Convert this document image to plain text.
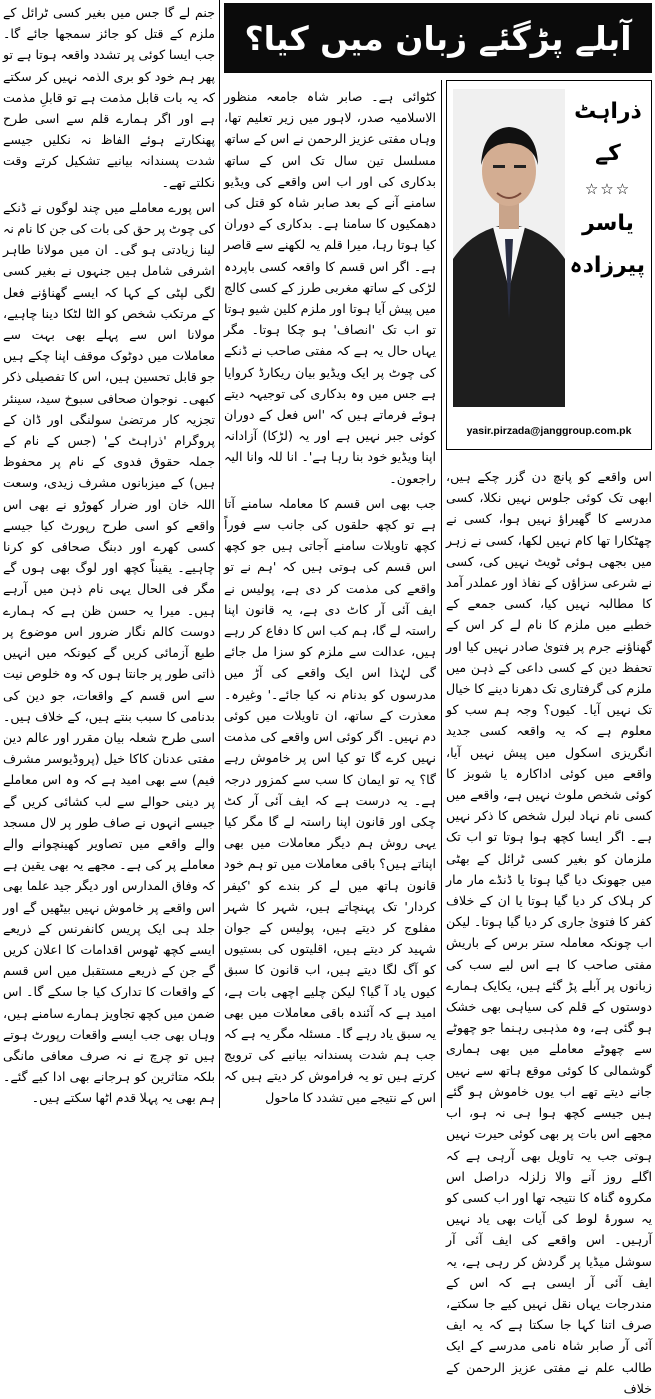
آبلے پڑگئے زبان میں کیا؟
ذراہٹ کے
☆☆☆
یاسر پیرزادہ
yasir.pirzada@janggroup.com.pk

اس واقعے کو پانچ دن گزر چکے ہیں، ابھی تک کوئی جلوس نہیں نکلا، کسی مدرسے کا گھیراؤ نہیں ہوا، کسی نے چھٹکارا تھا کام نہیں لکھا، کسی نے زہر میں بجھی ہوئی ٹویٹ نہیں کی، کسی نے شرعی سزاؤں کے نفاذ اور عملدر آمد کا مطالبہ نہیں کیا، کسی جمعے کے خطبے میں ملزم کا نام لے کر اس کے گھناؤنے جرم پر فتویٰ صادر نہیں کیا اور تحفظ دین کے کسی داعی کے ذہن میں ملزم کی گرفتاری تک دھرنا دینے کا خیال تک نہیں آیا۔ کیوں؟ وجہ ہم سب کو معلوم ہے کہ یہ واقعہ کسی جدید انگریزی اسکول میں پیش نہیں آیا، واقعے میں کوئی اداکارہ یا شوبز کا کوئی شخص ملوث نہیں ہے، واقعے میں کسی نام نہاد لبرل شخص کا ذکر نہیں ہے۔ اگر ایسا کچھ ہوا ہوتا تو اب تک ملزمان کو بغیر کسی ٹرائل کے بھٹی میں جھونک دیا گیا ہوتا یا ڈنڈے مار مار کر ہلاک کر دیا گیا ہوتا یا ان کے خلاف کفر کا فتویٰ جاری کر دیا گیا ہوتا۔ لیکن اب چونکہ معاملہ ستر برس کے باریش مفتی صاحب کا ہے اس لیے سب کی زبانوں پر آبلے پڑ گئے ہیں، یکایک ہمارے دوستوں کے قلم کی سیاہی بھی خشک ہو گئی ہے، وہ مذہبی رہنما جو چھوٹے سے چھوٹے معاملے میں بھی ہماری گوشمالی کا کوئی موقع ہاتھ سے نہیں جانے دیتے تھے اب یوں خاموش ہو گئے ہیں جیسے کچھ ہوا ہی نہ ہو، اب مجھے اس بات پر بھی کوئی حیرت نہیں ہوتی جب یہ تاویل بھی آرہی ہے کہ اگلے روز آنے والا زلزلہ دراصل اس مکروہ گناہ کا نتیجہ تھا اور اب کسی کو یہ سورۂ لوط کی آیات بھی یاد نہیں آرہیں۔ اس واقعے کی ایف آئی آر سوشل میڈیا پر گردش کر رہی ہے، یہ ایف آئی آر ایسی ہے کہ اس کے مندرجات یہاں نقل نہیں کیے جا سکتے، صرف اتنا کہا جا سکتا ہے کہ یہ ایف آئی آر صابر شاہ نامی مدرسے کے ایک طالب علم نے مفتی عزیز الرحمن کے خلاف

کٹوائی ہے۔ صابر شاہ جامعہ منظور الاسلامیہ صدر، لاہور میں زیر تعلیم تھا، وہاں مفتی عزیز الرحمن نے اس کے ساتھ مسلسل تین سال تک اس کے ساتھ بدکاری کی اور اب اس واقعے کی ویڈیو سامنے آنے کے بعد صابر شاہ کو قتل کی دھمکیوں کا سامنا ہے۔ بدکاری کے دوران کیا ہوتا رہا، میرا قلم یہ لکھنے سے قاصر ہے۔ اگر اس قسم کا واقعہ کسی باپردہ لڑکی کے ساتھ مغربی طرز کے کسی کالج میں پیش آیا ہوتا اور ملزم کلین شیو ہوتا تو اب تک 'انصاف' ہو چکا ہوتا۔ مگر یہاں حال یہ ہے کہ مفتی صاحب نے ڈنکے کی چوٹ پر ایک ویڈیو بیان ریکارڈ کروایا ہے جس میں وہ بدکاری کی توجیہہ دیتے ہوئے فرماتے ہیں کہ 'اس فعل کے دوران کوئی جبر نہیں ہے اور یہ (لڑکا) آزادانہ اپنا ویڈیو خود بنا رہا ہے'۔ انا للہ وانا الیہ راجعون۔

جب بھی اس قسم کا معاملہ سامنے آتا ہے تو کچھ حلقوں کی جانب سے فوراً کچھ تاویلات سامنے آجاتی ہیں جو کچھ اس قسم کی ہوتی ہیں کہ 'ہم نے تو واقعے کی مذمت کر دی ہے، پولیس نے ایف آئی آر کاٹ دی ہے، یہ قانون اپنا راستہ لے گا، ہم کب اس کا دفاع کر رہے ہیں، عدالت سے ملزم کو سزا مل جائے گی لہٰذا اس ایک واقعے کی آڑ میں مدرسوں کو بدنام نہ کیا جائے۔' وغیرہ۔ معذرت کے ساتھ، ان تاویلات میں کوئی دم نہیں۔ اگر کوئی اس واقعے کی مذمت نہیں کرے گا تو کیا اس پر خاموش رہے گا؟ یہ تو ایمان کا سب سے کمزور درجہ ہے۔ یہ درست ہے کہ ایف آئی آر کٹ چکی اور قانون اپنا راستہ لے گا مگر کیا یہی روش ہم دیگر معاملات میں بھی اپناتے ہیں؟ باقی معاملات میں تو ہم خود قانون ہاتھ میں لے کر بندے کو 'کیفر کردار' تک پہنچاتے ہیں، شہر کا شہر مفلوج کر دیتے ہیں، پولیس کے جوان شہید کر دیتے ہیں، اقلیتوں کی بستیوں کو آگ لگا دیتے ہیں، اب قانون کا سبق کیوں یاد آ گیا؟ لیکن چلیے اچھی بات ہے، امید ہے کہ آئندہ باقی معاملات میں بھی یہ سبق یاد رہے گا۔ مسئلہ مگر یہ ہے کہ جب ہم شدت پسندانہ بیانیے کی ترویج کرتے ہیں تو یہ فراموش کر دیتے ہیں کہ اس کے نتیجے میں تشدد کا ماحول

جنم لے گا جس میں بغیر کسی ٹرائل کے ملزم کے قتل کو جائز سمجھا جائے گا۔ جب ایسا کوئی پر تشدد واقعہ ہوتا ہے تو پھر ہم خود کو بری الذمہ نہیں کر سکتے کہ یہ بات قابل مذمت ہے تو قابلِ مذمت ہے اور اگر ہمارے قلم سے اسی طرح پھنکارتے ہوئے الفاظ نہ نکلیں جیسے شدت پسندانہ بیانیے تشکیل کرتے وقت نکلتے تھے۔

اس پورے معاملے میں چند لوگوں نے ڈنکے کی چوٹ پر حق کی بات کی جن کا نام نہ لینا زیادتی ہو گی۔ ان میں مولانا طاہر اشرفی شامل ہیں جنہوں نے بغیر کسی لگی لپٹی کے کہا کہ ایسے گھناؤنے فعل کے مرتکب شخص کو الٹا لٹکا دینا چاہیے، مولانا اس سے پہلے بھی بہت سے معاملات میں دوٹوک موقف اپنا چکے ہیں جو قابل تحسین ہیں، اس کا تفصیلی ذکر کبھی۔ نوجوان صحافی سبوخ سید، سینئر تجزیہ کار مرتضیٰ سولنگی اور ڈان کے پروگرام 'ذراہٹ کے' (جس کے نام کے جملہ حقوق فدوی کے نام پر محفوظ ہیں) کے میزبانوں مشرف زیدی، وسعت اللہ خان اور ضرار کھوڑو نے بھی اس واقعے کو اسی طرح رپورٹ کیا جیسے کسی کھرے اور دبنگ صحافی کو کرنا چاہیے۔ یقیناً کچھ اور لوگ بھی ہوں گے مگر فی الحال یہی نام ذہن میں آرہے ہیں۔ میرا یہ حسن ظن ہے کہ ہمارے دوست کالم نگار ضرور اس موضوع پر طبع آزمائی کریں گے کیونکہ میں انہیں ذاتی طور پر جانتا ہوں کہ وہ خلوص نیت سے اس قسم کے واقعات، جو دین کی بدنامی کا سبب بنتے ہیں، کے خلاف ہیں۔ اسی طرح شعلہ بیان مقرر اور عالم دین مفتی عدنان کاکا خیل (پروڈیوسر مشرف فیم) سے بھی امید ہے کہ وہ اس معاملے پر دینی حوالے سے لب کشائی کریں گے جیسے انہوں نے صاف طور پر لال مسجد والے واقعے میں تصاویر کھینچوانے والے معاملے پر کی ہے۔ مجھے یہ بھی یقین ہے کہ وفاق المدارس اور دیگر جید علما بھی اس واقعے پر خاموش نہیں بیٹھیں گے اور جلد ہی ایک پریس کانفرنس کے ذریعے ایسے کچھ ٹھوس اقدامات کا اعلان کریں گے جن کے ذریعے مستقبل میں اس قسم کے واقعات کا تدارک کیا جا سکے گا۔ اس ضمن میں کچھ تجاویز ہمارے سامنے ہیں، وہاں بھی جب ایسے واقعات رپورٹ ہوتے ہیں تو چرچ نے نہ صرف معافی مانگی بلکہ متاثرین کو ہرجانے بھی ادا کیے گئے۔ ہم بھی یہ پہلا قدم اٹھا سکتے ہیں۔
